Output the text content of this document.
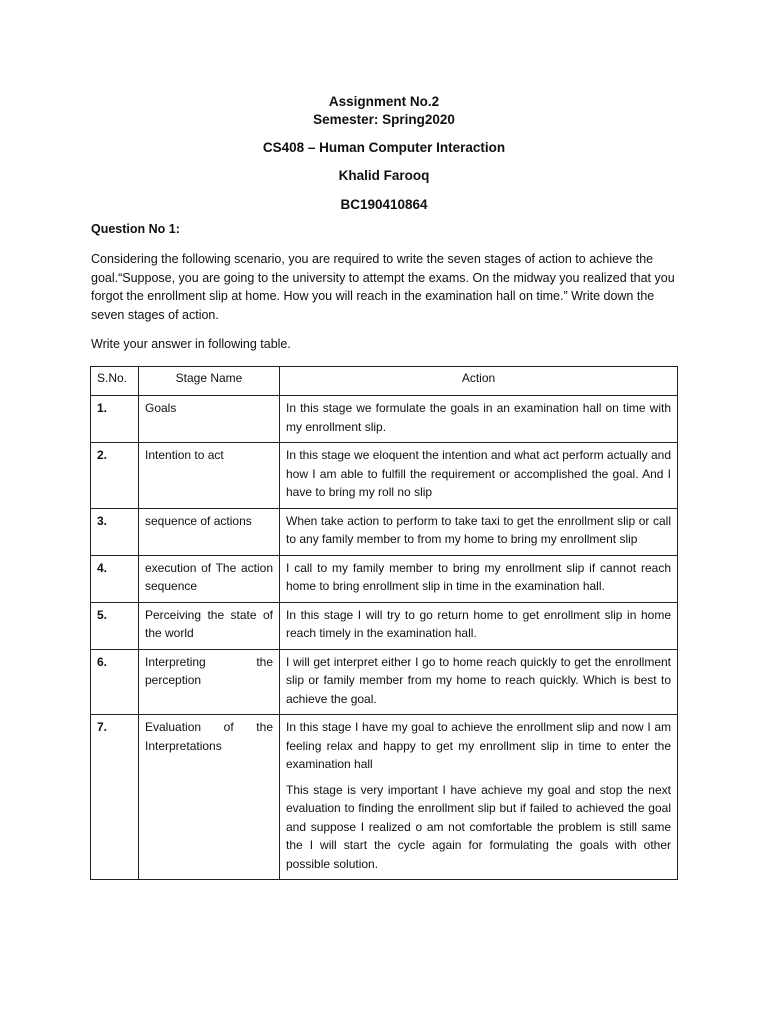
Assignment No.2
Semester: Spring2020
CS408 – Human Computer Interaction
Khalid Farooq
BC190410864
Question No 1:
Considering the following scenario, you are required to write the seven stages of action to achieve the goal.“Suppose, you are going to the university to attempt the exams. On the midway you realized that you forgot the enrollment slip at home. How you will reach in the examination hall on time.” Write down the seven stages of action.
Write your answer in following table.
S.No.	Stage Name	Action
1.	Goals	In this stage we formulate the goals in an examination hall on time with my enrollment slip.

2.	Intention to act	In this stage we eloquent the intention and what act perform actually and how I am able to fulfill the requirement or accomplished the goal. And I have to bring my roll no slip

3.	sequence of actions	When take action to perform to take taxi to get the enrollment slip or call to any family member to from my home to bring my enrollment slip

4.	execution of The action sequence	I call to my family member to bring my enrollment slip if cannot reach home to bring enrollment slip in time in the examination hall.

5.	Perceiving the state of the world	In this stage I will try to go return home to get enrollment slip in home reach timely in the examination hall.

6.	Interpreting the perception	I will get interpret either I go to home reach quickly to get the enrollment slip or family member from my home to reach quickly. Which is best to achieve the goal.

7.	Evaluation of the Interpretations	In this stage I have my goal to achieve the enrollment slip and now I am feeling relax and happy to get my enrollment slip in time to enter the examination hall

This stage is very important I have achieve my goal and stop the next evaluation to finding the enrollment slip but if failed to achieved the goal and suppose I realized o am not comfortable the problem is still same the I will start the cycle again for formulating the goals with other possible solution.
